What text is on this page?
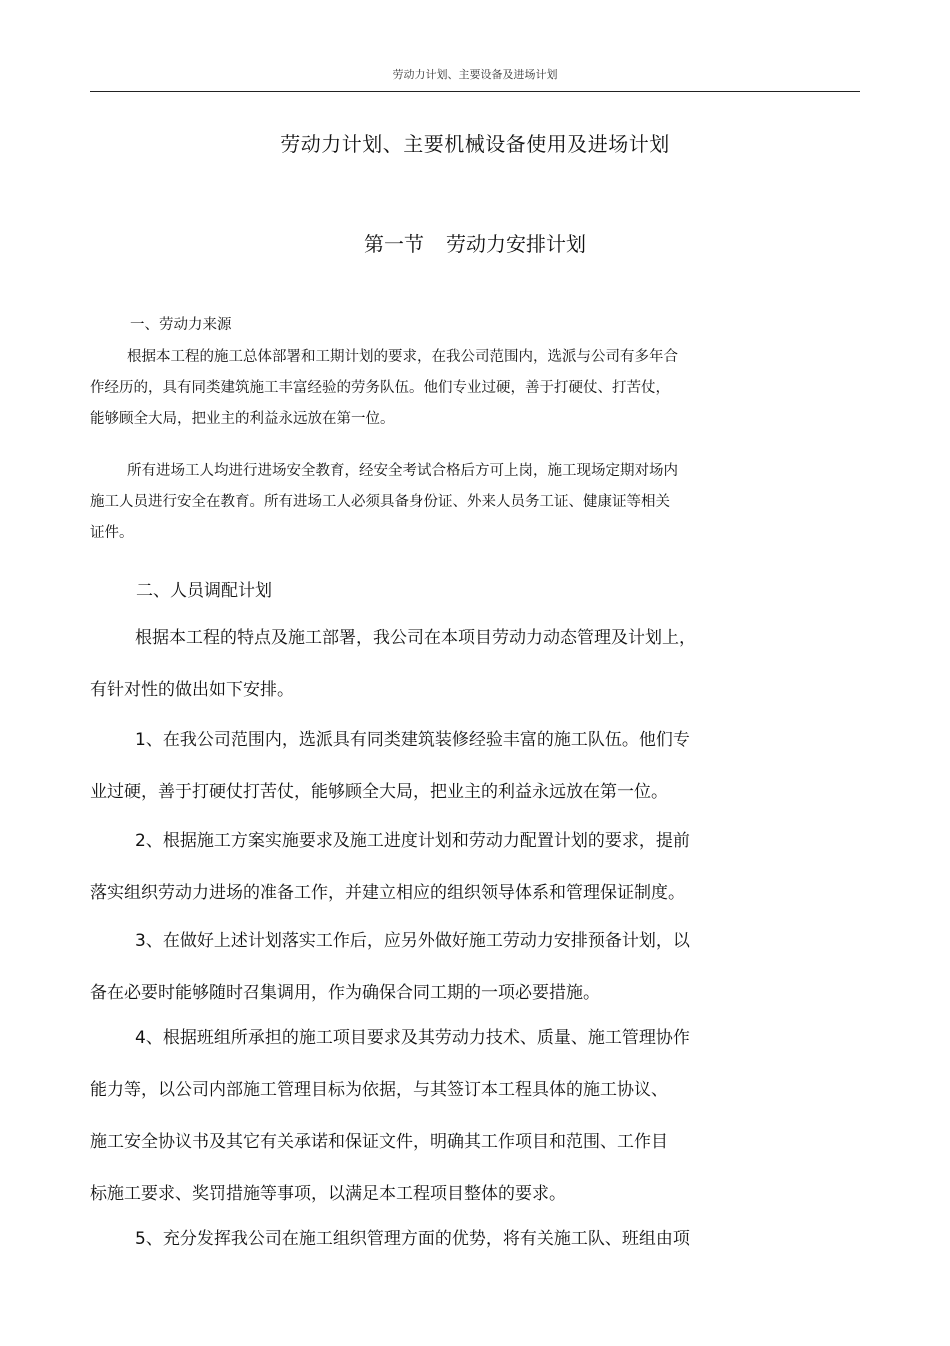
劳动力计划、主要设备及进场计划
劳动力计划、主要机械设备使用及进场计划
第一节 劳动力安排计划
一、劳动力来源
根据本工程的施工总体部署和工期计划的要求，在我公司范围内，选派与公司有多年合
作经历的，具有同类建筑施工丰富经验的劳务队伍。他们专业过硬，善于打硬仗、打苦仗，
能够顾全大局，把业主的利益永远放在第一位。
所有进场工人均进行进场安全教育，经安全考试合格后方可上岗，施工现场定期对场内
施工人员进行安全在教育。所有进场工人必须具备身份证、外来人员务工证、健康证等相关
证件。
二、人员调配计划
根据本工程的特点及施工部署，我公司在本项目劳动力动态管理及计划上，
有针对性的做出如下安排。
1、在我公司范围内，选派具有同类建筑装修经验丰富的施工队伍。他们专
业过硬，善于打硬仗打苦仗，能够顾全大局，把业主的利益永远放在第一位。
2、根据施工方案实施要求及施工进度计划和劳动力配置计划的要求，提前
落实组织劳动力进场的准备工作，并建立相应的组织领导体系和管理保证制度。
3、在做好上述计划落实工作后，应另外做好施工劳动力安排预备计划，以
备在必要时能够随时召集调用，作为确保合同工期的一项必要措施。
4、根据班组所承担的施工项目要求及其劳动力技术、质量、施工管理协作
能力等，以公司内部施工管理目标为依据，与其签订本工程具体的施工协议、
施工安全协议书及其它有关承诺和保证文件，明确其工作项目和范围、工作目
标施工要求、奖罚措施等事项，以满足本工程项目整体的要求。
5、充分发挥我公司在施工组织管理方面的优势，将有关施工队、班组由项
